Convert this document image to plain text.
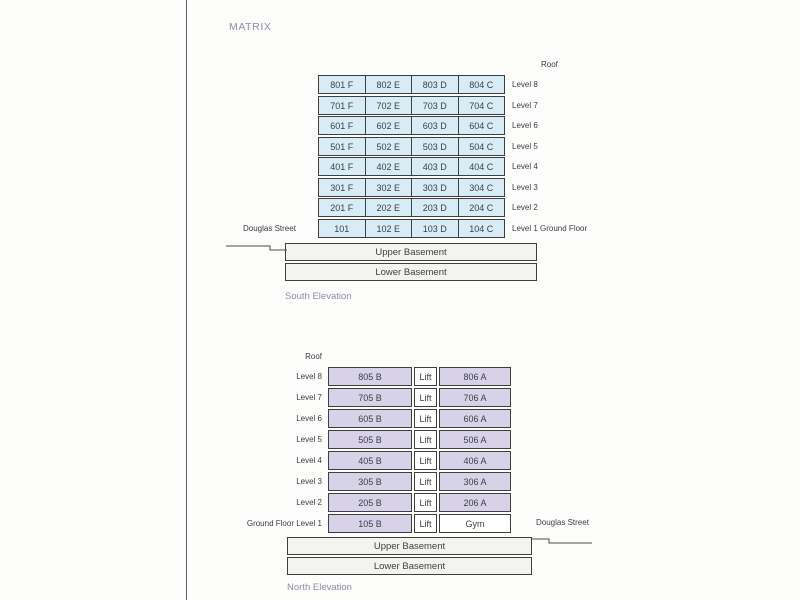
MATRIX
Roof
801 F	802 E	803 D	804 C
701 F	702 E	703 D	704 C
601 F	602 E	603 D	604 C
501 F	502 E	503 D	504 C
401 F	402 E	403 D	404 C
301 F	302 E	303 D	304 C
201 F	202 E	203 D	204 C
101	102 E	103 D	104 C
Level 8
Level 7
Level 6
Level 5
Level 4
Level 3
Level 2
Level 1 Ground Floor
Douglas Street
Upper Basement
Lower Basement
South Elevation
Roof
805 B	Lift	806 A
705 B	Lift	706 A
605 B	Lift	606 A
505 B	Lift	506 A
405 B	Lift	406 A
305 B	Lift	306 A
205 B	Lift	206 A
105 B	Lift	Gym
Level 8
Level 7
Level 6
Level 5
Level 4
Level 3
Level 2
Ground Floor Level 1	Douglas Street
Upper Basement
Lower Basement
North Elevation
